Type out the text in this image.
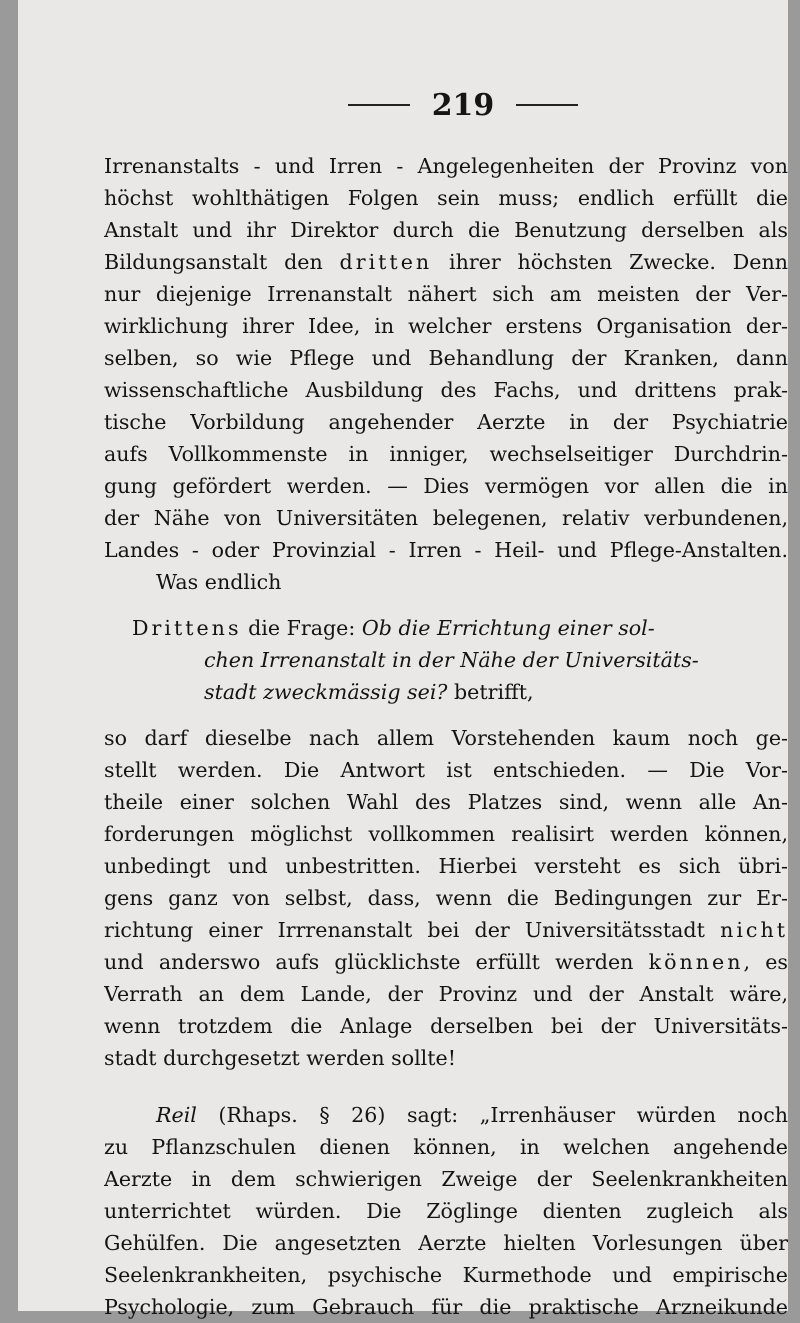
219
Irrenanstalts - und Irren - Angelegenheiten der Provinz von
höchst wohlthätigen Folgen sein muss; endlich erfüllt die
Anstalt und ihr Direktor durch die Benutzung derselben als
Bildungsanstalt den dritten ihrer höchsten Zwecke. Denn
nur diejenige Irrenanstalt nähert sich am meisten der Ver-
wirklichung ihrer Idee, in welcher erstens Organisation der-
selben, so wie Pflege und Behandlung der Kranken, dann
wissenschaftliche Ausbildung des Fachs, und drittens prak-
tische Vorbildung angehender Aerzte in der Psychiatrie
aufs Vollkommenste in inniger, wechselseitiger Durchdrin-
gung gefördert werden. — Dies vermögen vor allen die in
der Nähe von Universitäten belegenen, relativ verbundenen,
Landes - oder Provinzial - Irren - Heil- und Pflege-Anstalten.
Was endlich
Drittens die Frage: Ob die Errichtung einer sol-
chen Irrenanstalt in der Nähe der Universitäts-
stadt zweckmässig sei? betrifft,
so darf dieselbe nach allem Vorstehenden kaum noch ge-
stellt werden. Die Antwort ist entschieden. — Die Vor-
theile einer solchen Wahl des Platzes sind, wenn alle An-
forderungen möglichst vollkommen realisirt werden können,
unbedingt und unbestritten. Hierbei versteht es sich übri-
gens ganz von selbst, dass, wenn die Bedingungen zur Er-
richtung einer Irrrenanstalt bei der Universitätsstadt nicht
und anderswo aufs glücklichste erfüllt werden können, es
Verrath an dem Lande, der Provinz und der Anstalt wäre,
wenn trotzdem die Anlage derselben bei der Universitäts-
stadt durchgesetzt werden sollte!
Reil (Rhaps. § 26) sagt: „Irrenhäuser würden noch
zu Pflanzschulen dienen können, in welchen angehende
Aerzte in dem schwierigen Zweige der Seelenkrankheiten
unterrichtet würden. Die Zöglinge dienten zugleich als
Gehülfen. Die angesetzten Aerzte hielten Vorlesungen über
Seelenkrankheiten, psychische Kurmethode und empirische
Psychologie, zum Gebrauch für die praktische Arzneikunde
